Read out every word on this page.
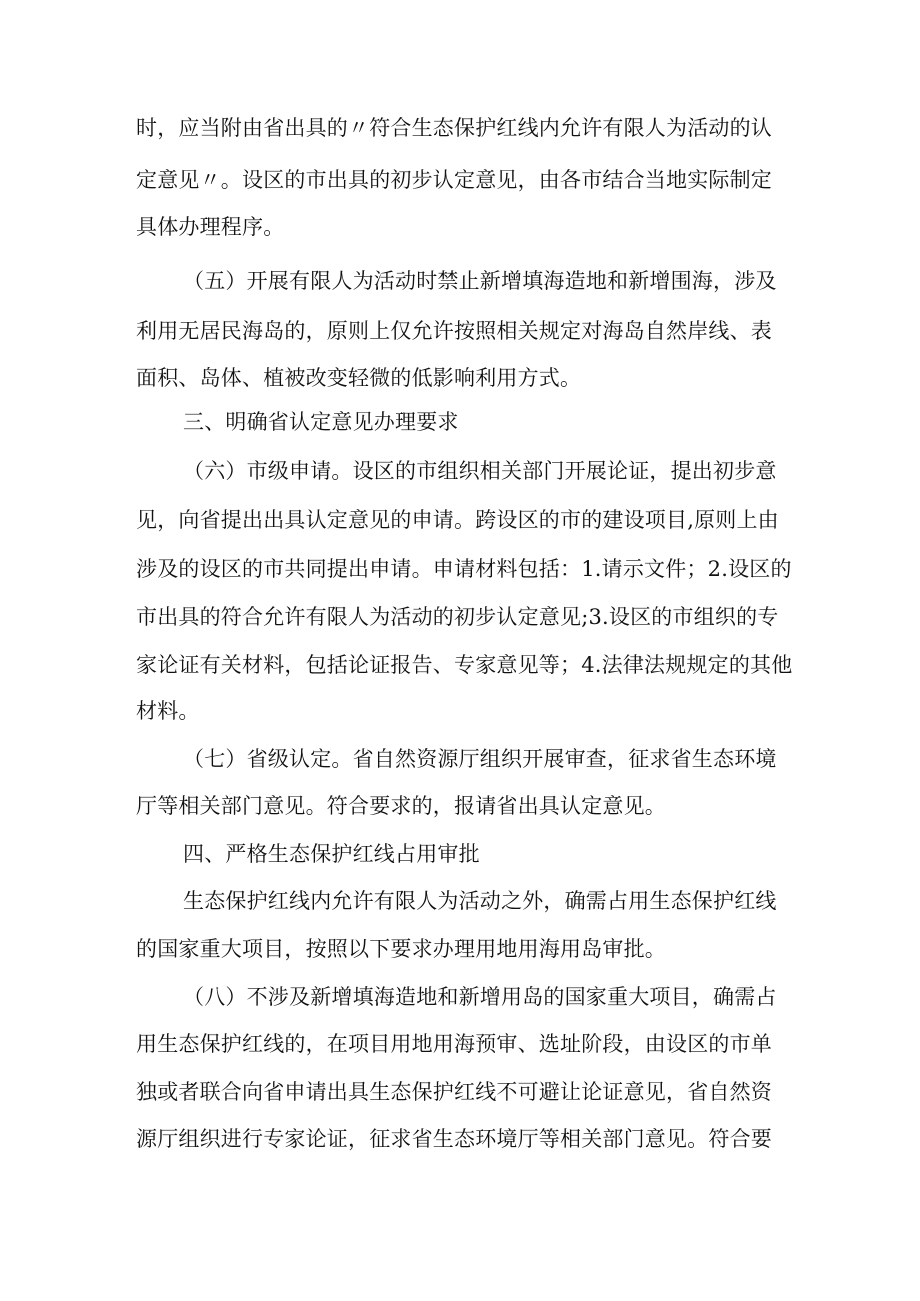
时，应当附由省出具的〃符合生态保护红线内允许有限人为活动的认
定意见〃。设区的市出具的初步认定意见，由各市结合当地实际制定
具体办理程序。
（五）开展有限人为活动时禁止新增填海造地和新增围海，涉及
利用无居民海岛的，原则上仅允许按照相关规定对海岛自然岸线、表
面积、岛体、植被改变轻微的低影响利用方式。
三、明确省认定意见办理要求
（六）市级申请。设区的市组织相关部门开展论证，提出初步意
见，向省提出出具认定意见的申请。跨设区的市的建设项目,原则上由
涉及的设区的市共同提出申请。申请材料包括：1.请示文件；2.设区的
市出具的符合允许有限人为活动的初步认定意见;3.设区的市组织的专
家论证有关材料，包括论证报告、专家意见等；4.法律法规规定的其他
材料。
（七）省级认定。省自然资源厅组织开展审查，征求省生态环境
厅等相关部门意见。符合要求的，报请省出具认定意见。
四、严格生态保护红线占用审批
生态保护红线内允许有限人为活动之外，确需占用生态保护红线
的国家重大项目，按照以下要求办理用地用海用岛审批。
（八）不涉及新增填海造地和新增用岛的国家重大项目，确需占
用生态保护红线的，在项目用地用海预审、选址阶段，由设区的市单
独或者联合向省申请出具生态保护红线不可避让论证意见，省自然资
源厅组织进行专家论证，征求省生态环境厅等相关部门意见。符合要
